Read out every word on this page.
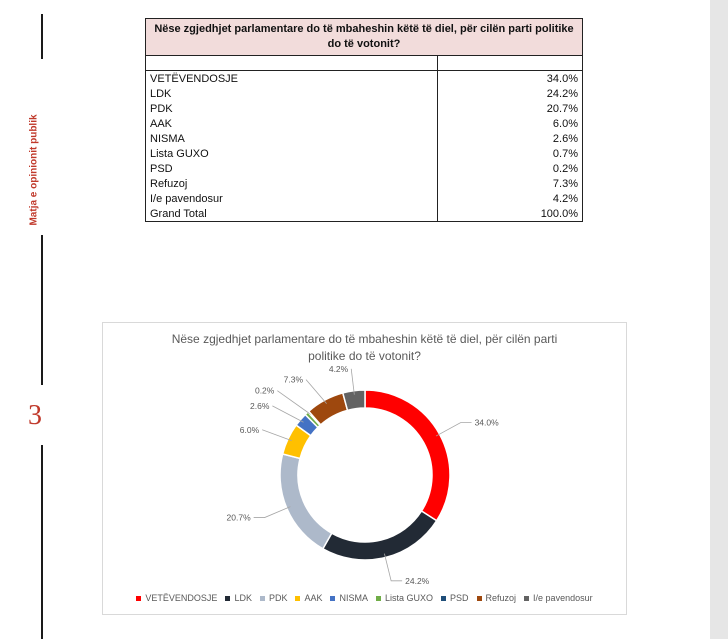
Matja e opinionit publik
3
Nëse zgjedhjet parlamentare do të mbaheshin këtë të diel, për cilën parti politike do të votonit?	

VETËVENDOSJE	34.0%
LDK	24.2%
PDK	20.7%
AAK	6.0%
NISMA	2.6%
Lista GUXO	0.7%
PSD	0.2%
Refuzoj	7.3%
I/e pavendosur	4.2%
Grand Total	100.0%
Nëse zgjedhjet parlamentare do të mbaheshin këtë të diel, për cilën parti
politike do të votonit?
34.0%
24.2%
20.7%
6.0%
2.6%
0.2%
7.3%
4.2%
VETËVENDOSJE LDK PDK AAK NISMA Lista GUXO PSD Refuzoj I/e pavendosur
